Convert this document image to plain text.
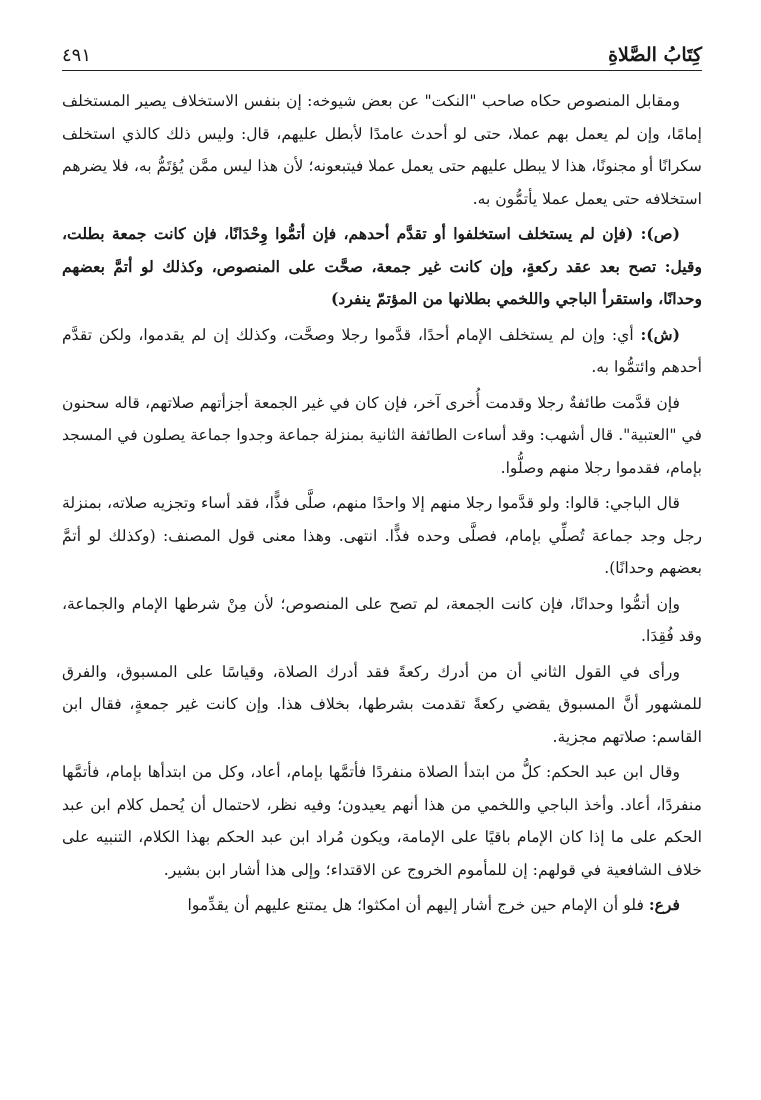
كِتَابُ الصَّلاةِ
٤٩١

ومقابل المنصوص حكاه صاحب "النكت" عن بعض شيوخه: إن بنفس الاستخلاف يصير المستخلف إمامًا، وإن لم يعمل بهم عملا، حتى لو أحدث عامدًا لأبطل عليهم، قال: وليس ذلك كالذي استخلف سكرانًا أو مجنونًا، هذا لا يبطل عليهم حتى يعمل عملا فيتبعونه؛ لأن هذا ليس ممَّن يُؤتَمُّ به، فلا يضرهم استخلافه حتى يعمل عملا يأتمُّون به.

(ص): (فإن لم يستخلف استخلفوا أو تقدَّم أحدهم، فإن أتمُّوا وِحْدَانًا، فإن كانت جمعة بطلت، وقيل: تصح بعد عقد ركعةٍ، وإن كانت غير جمعة، صحَّت على المنصوص، وكذلك لو أتمَّ بعضهم وحدانًا، واستقرأ الباجي واللخمي بطلانها من المؤتمّ ينفرد)

(ش): أي: وإن لم يستخلف الإمام أحدًا، قدَّموا رجلا وصحَّت، وكذلك إن لم يقدموا، ولكن تقدَّم أحدهم وائتمُّوا به.

فإن قدَّمت طائفةٌ رجلا وقدمت أُخرى آخر، فإن كان في غير الجمعة أجزأتهم صلاتهم، قاله سحنون في "العتبية". قال أشهب: وقد أساءت الطائفة الثانية بمنزلة جماعة وجدوا جماعة يصلون في المسجد بإمام، فقدموا رجلا منهم وصلُّوا.

قال الباجي: قالوا: ولو قدَّموا رجلا منهم إلا واحدًا منهم، صلَّى فذًّا، فقد أساء وتجزيه صلاته، بمنزلة رجل وجد جماعة تُصلِّي بإمام، فصلَّى وحده فذًّا. انتهى. وهذا معنى قول المصنف: (وكذلك لو أتمَّ بعضهم وحدانًا).

وإن أتمُّوا وحدانًا، فإن كانت الجمعة، لم تصح على المنصوص؛ لأن مِنْ شرطها الإمام والجماعة، وقد فُقِدَا.

ورأى في القول الثاني أن من أدرك ركعةً فقد أدرك الصلاة، وقياسًا على المسبوق، والفرق للمشهور أنَّ المسبوق يقضي ركعةً تقدمت بشرطها، بخلاف هذا. وإن كانت غير جمعةٍ، فقال ابن القاسم: صلاتهم مجزية.

وقال ابن عبد الحكم: كلُّ من ابتدأ الصلاة منفردًا فأتمَّها بإمام، أعاد، وكل من ابتدأها بإمام، فأتمَّها منفردًا، أعاد. وأخذ الباجي واللخمي من هذا أنهم يعيدون؛ وفيه نظر، لاحتمال أن يُحمل كلام ابن عبد الحكم على ما إذا كان الإمام باقيًا على الإمامة، ويكون مُراد ابن عبد الحكم بهذا الكلام، التنبيه على خلاف الشافعية في قولهم: إن للمأموم الخروج عن الاقتداء؛ وإلى هذا أشار ابن بشير.

فرع: فلو أن الإمام حين خرج أشار إليهم أن امكثوا؛ هل يمتنع عليهم أن يقدِّموا
